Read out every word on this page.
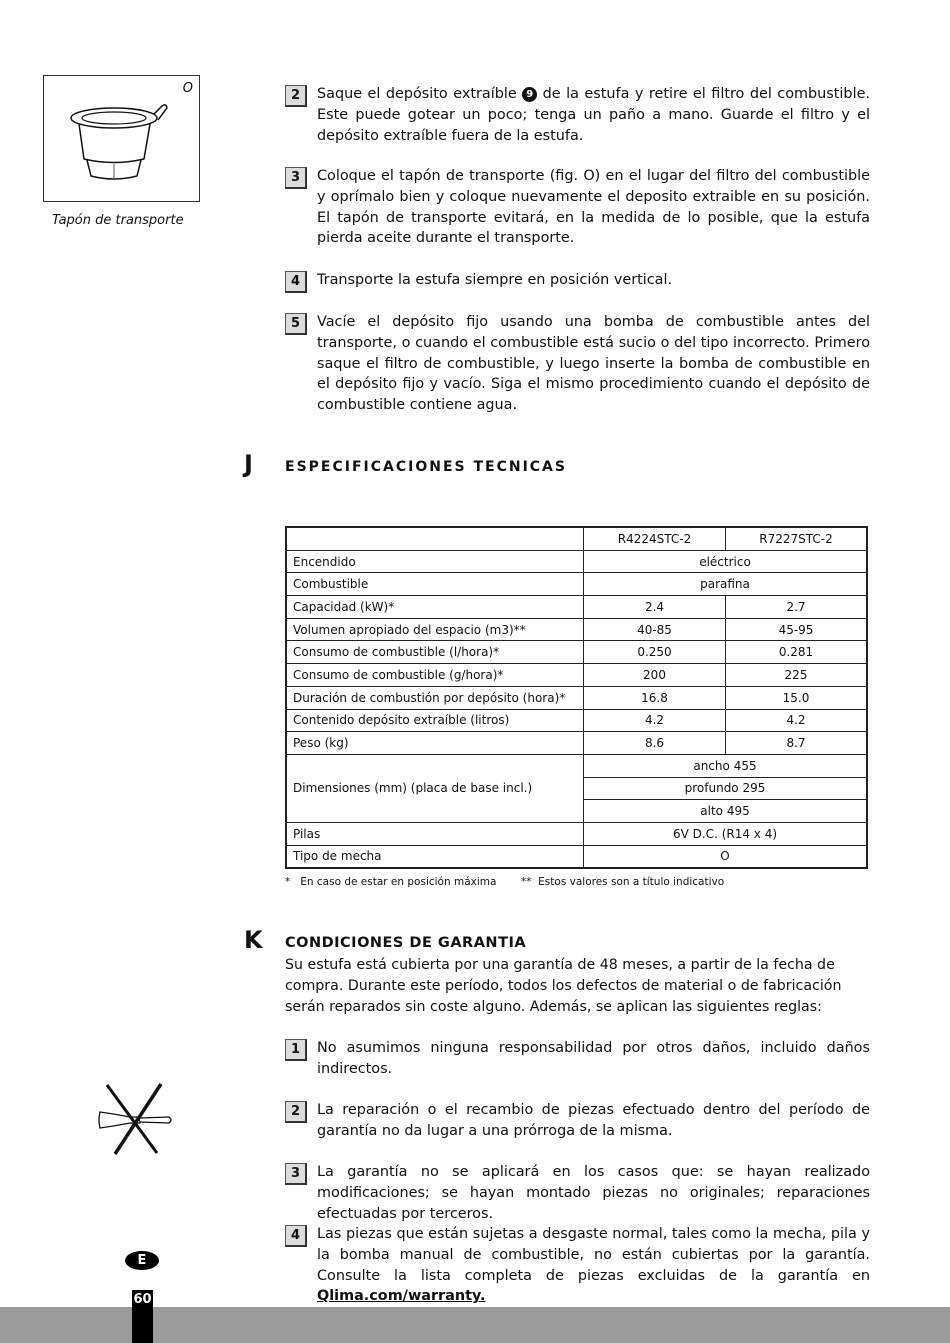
O
Tapón de transporte
2	Saque el depósito extraíble 9 de la estufa y retire el filtro del combustible. Este puede gotear un poco; tenga un paño a mano. Guarde el filtro y el depósito extraíble fuera de la estufa.
3	Coloque el tapón de transporte (fig. O) en el lugar del filtro del combustible y oprímalo bien y coloque nuevamente el deposito extraible en su posición. El tapón de transporte evitará, en la medida de lo posible, que la estufa pierda aceite durante el transporte.
4	Transporte la estufa siempre en posición vertical.
5	Vacíe el depósito fijo usando una bomba de combustible antes del transporte, o cuando el combustible está sucio o del tipo incorrecto. Primero saque el filtro de combustible, y luego inserte la bomba de combustible en el depósito fijo y vacío. Siga el mismo procedimiento cuando el depósito de combustible contiene agua.
J ESPECIFICACIONES TECNICAS
	R4224STC-2	R7227STC-2
Encendido	eléctrico	
Combustible	parafina	
Capacidad (kW)*	2.4	2.7
Volumen apropiado del espacio (m3)**	40-85	45-95
Consumo de combustible (l/hora)*	0.250	0.281
Consumo de combustible (g/hora)*	200	225
Duración de combustión por depósito (hora)*	16.8	15.0
Contenido depósito extraíble (litros)	4.2	4.2
Peso (kg)	8.6	8.7
Dimensiones (mm) (placa de base incl.)	ancho 455	
	profundo 295	
	alto 495	
Pilas	6V D.C. (R14 x 4)	
Tipo de mecha	O	
*   En caso de estar en posición máxima **  Estos valores son a título indicativo
K CONDICIONES DE GARANTIA
Su estufa está cubierta por una garantía de 48 meses, a partir de la fecha de compra. Durante este período, todos los defectos de material o de fabricación serán reparados sin coste alguno. Además, se aplican las siguientes reglas:
1	No asumimos ninguna responsabilidad por otros daños, incluido daños indirectos.
2	La reparación o el recambio de piezas efectuado dentro del período de garantía no da lugar a una prórroga de la misma.
3	La garantía no se aplicará en los casos que: se hayan realizado modificaciones; se hayan montado piezas no originales; reparaciones efectuadas por terceros.
4	Las piezas que están sujetas a desgaste normal, tales como la mecha, pila y la bomba manual de combustible, no están cubiertas por la garantía. Consulte la lista completa de piezas excluidas de la garantía en Qlima.com/warranty.
E
60
